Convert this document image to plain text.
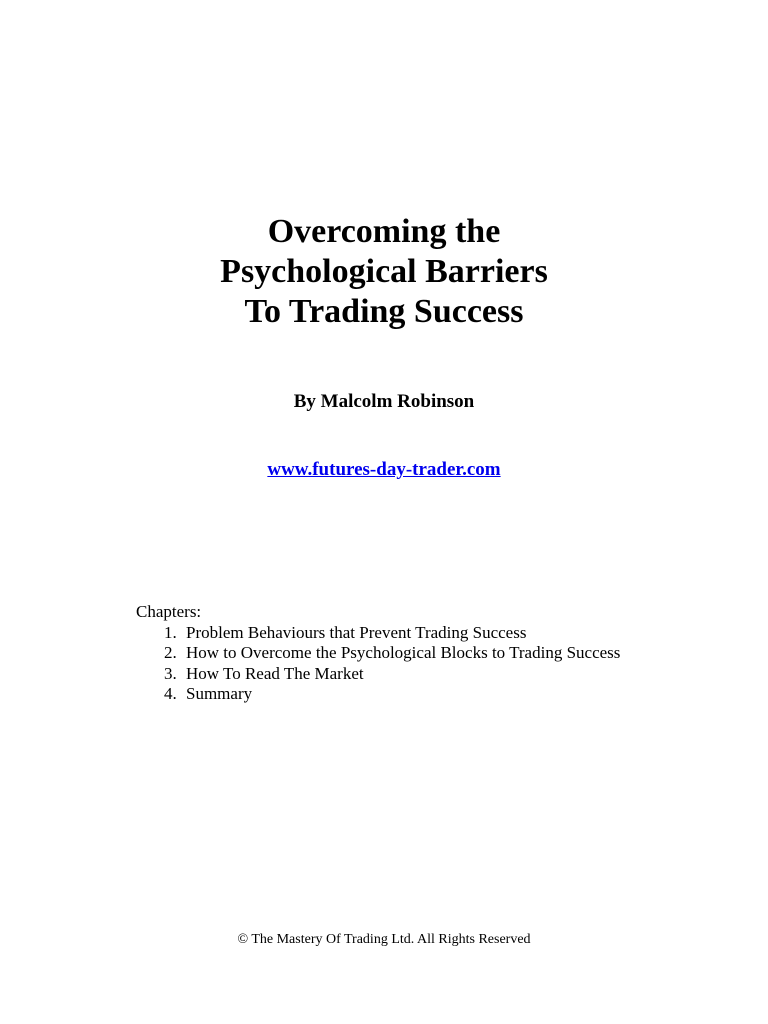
Overcoming the
Psychological Barriers
To Trading Success
By Malcolm Robinson
www.futures-day-trader.com
Chapters:
1. Problem Behaviours that Prevent Trading Success
2. How to Overcome the Psychological Blocks to Trading Success
3. How To Read The Market
4. Summary
© The Mastery Of Trading Ltd. All Rights Reserved
